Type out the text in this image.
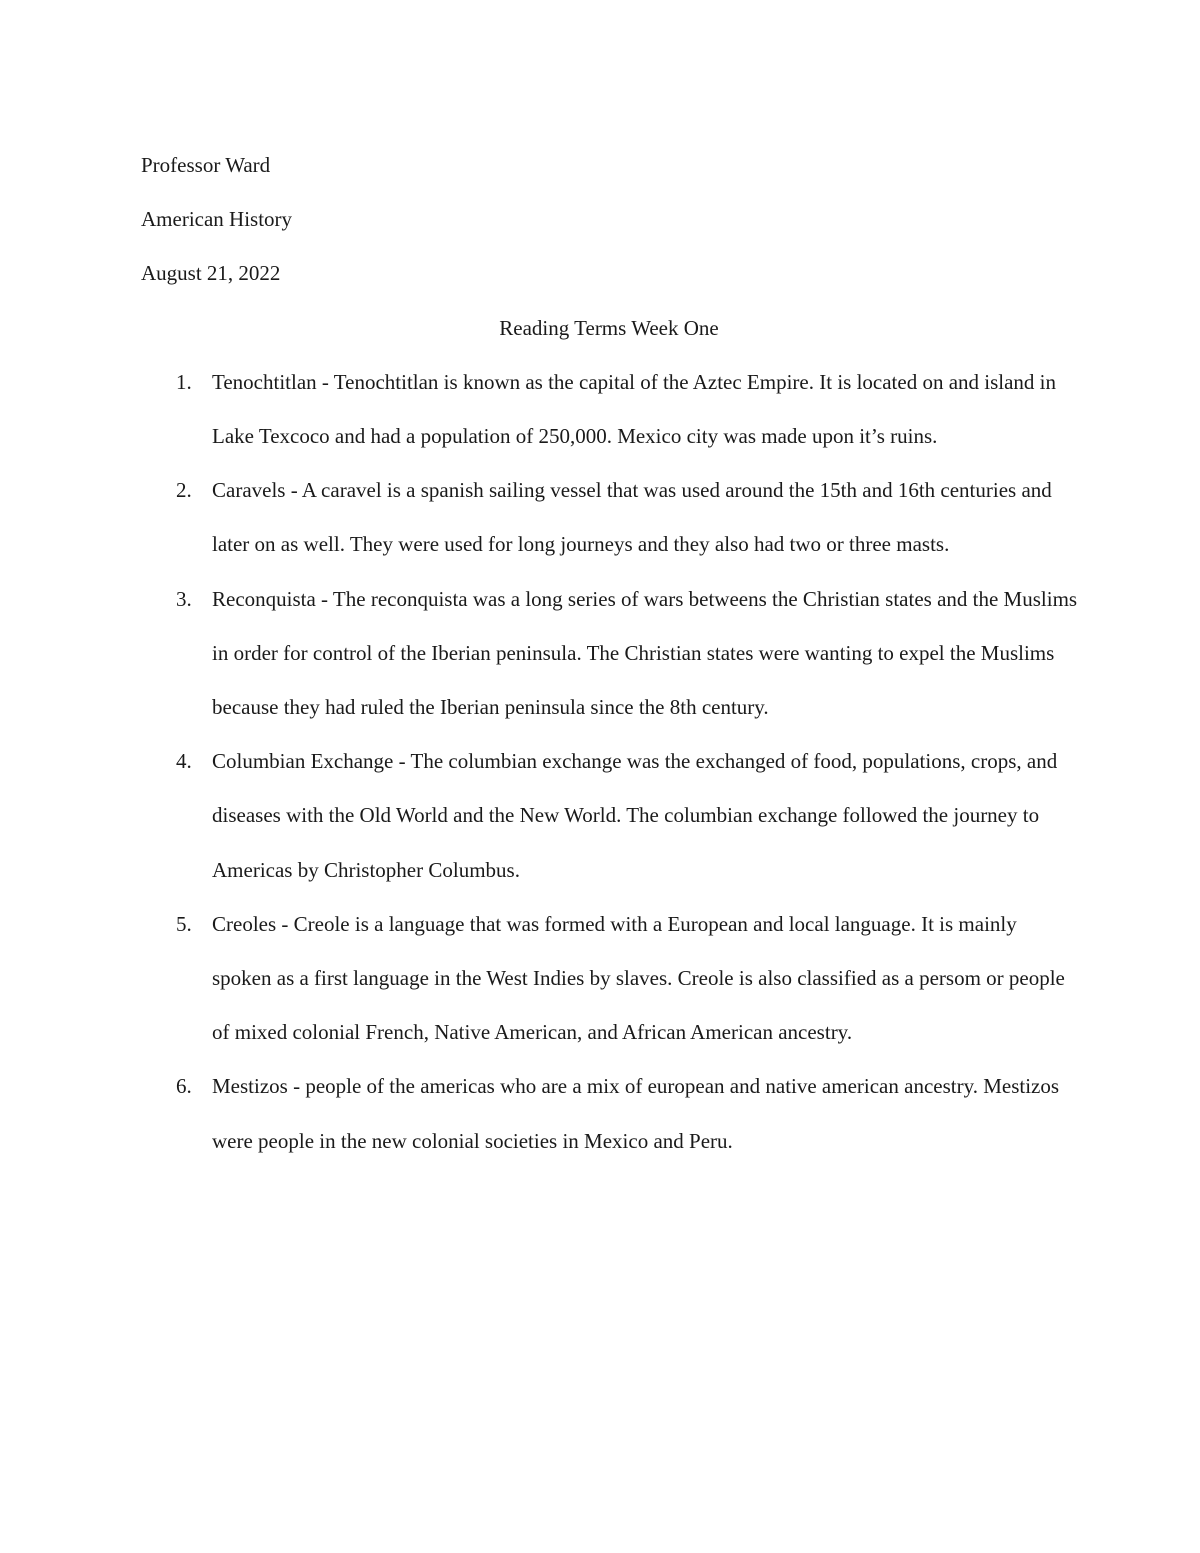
Professor Ward

American History

August 21, 2022

Reading Terms Week One

1. Tenochtitlan - Tenochtitlan is known as the capital of the Aztec Empire. It is located on and island in Lake Texcoco and had a population of 250,000. Mexico city was made upon it’s ruins.
2. Caravels - A caravel is a spanish sailing vessel that was used around the 15th and 16th centuries and later on as well. They were used for long journeys and they also had two or three masts.
3. Reconquista - The reconquista was a long series of wars betweens the Christian states and the Muslims in order for control of the Iberian peninsula. The Christian states were wanting to expel the Muslims because they had ruled the Iberian peninsula since the 8th century.
4. Columbian Exchange - The columbian exchange was the exchanged of food, populations, crops, and diseases with the Old World and the New World. The columbian exchange followed the journey to Americas by Christopher Columbus.
5. Creoles - Creole is a language that was formed with a European and local language. It is mainly spoken as a first language in the West Indies by slaves. Creole is also classified as a persom or people of mixed colonial French, Native American, and African American ancestry.
6. Mestizos - people of the americas who are a mix of european and native american ancestry. Mestizos were people in the new colonial societies in Mexico and Peru.
